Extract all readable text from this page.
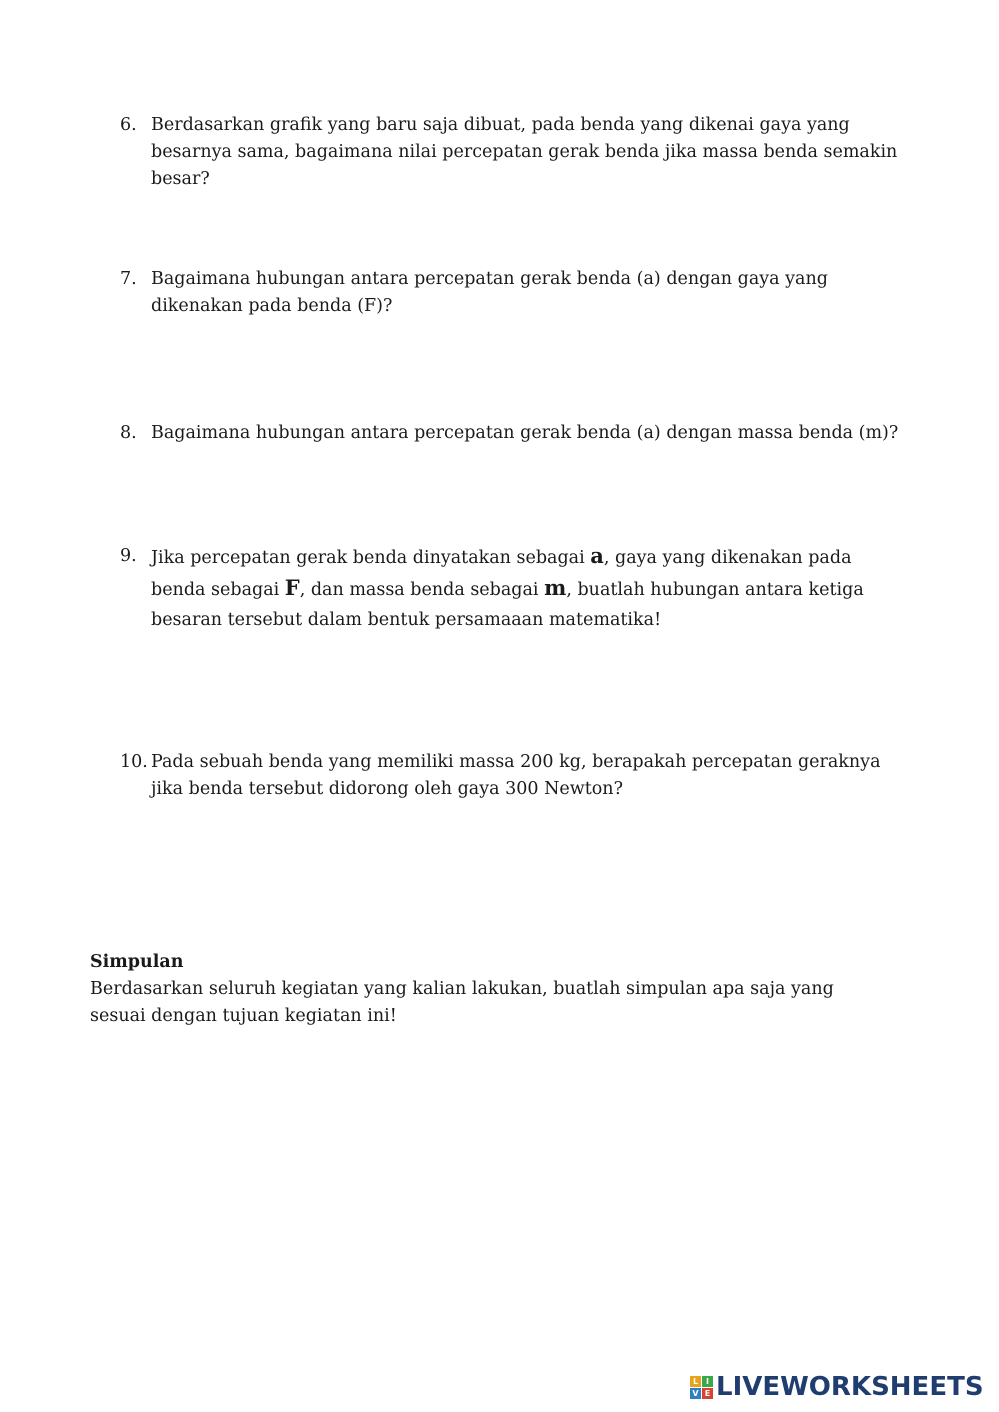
6. Berdasarkan grafik yang baru saja dibuat, pada benda yang dikenai gaya yang besarnya sama, bagaimana nilai percepatan gerak benda jika massa benda semakin besar?
7. Bagaimana hubungan antara percepatan gerak benda (a) dengan gaya yang dikenakan pada benda (F)?
8. Bagaimana hubungan antara percepatan gerak benda (a) dengan massa benda (m)?
9. Jika percepatan gerak benda dinyatakan sebagai a, gaya yang dikenakan pada benda sebagai F, dan massa benda sebagai m, buatlah hubungan antara ketiga besaran tersebut dalam bentuk persamaaan matematika!
10. Pada sebuah benda yang memiliki massa 200 kg, berapakah percepatan geraknya jika benda tersebut didorong oleh gaya 300 Newton?
Simpulan
Berdasarkan seluruh kegiatan yang kalian lakukan, buatlah simpulan apa saja yang sesuai dengan tujuan kegiatan ini!
L I
V E LIVEWORKSHEETS
